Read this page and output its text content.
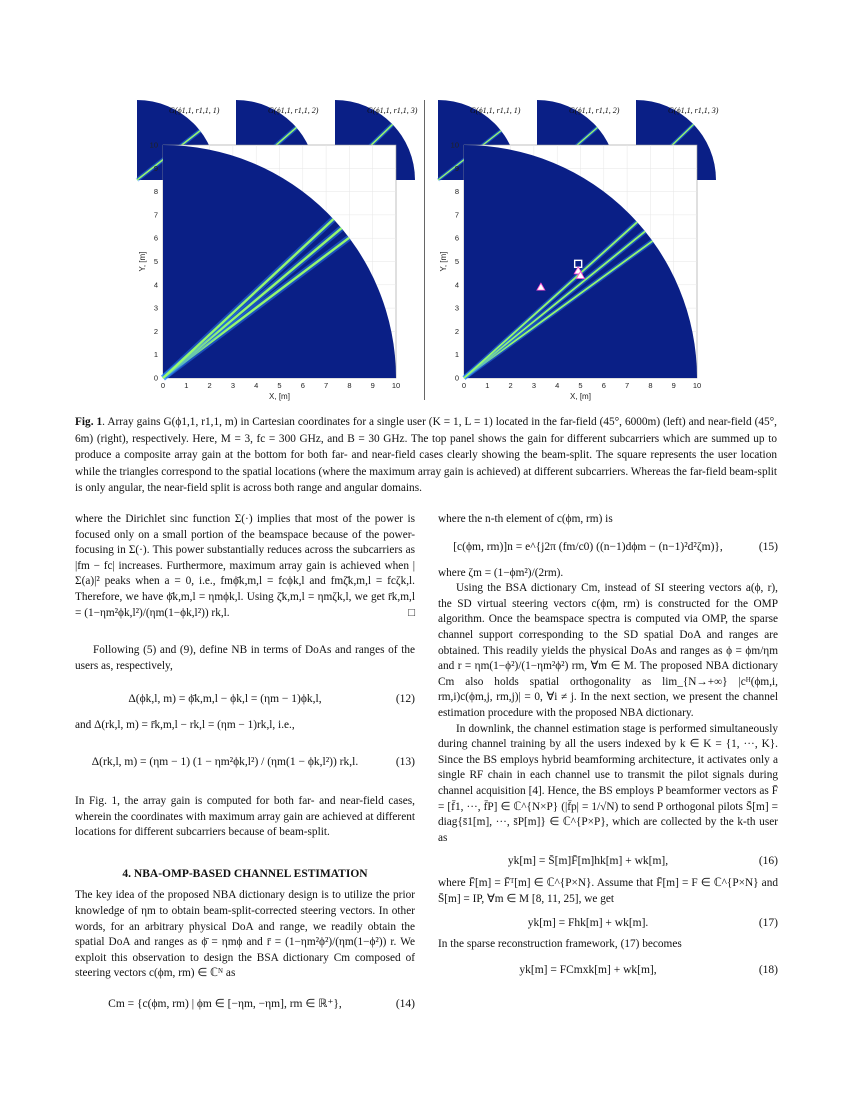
0	1	2	3	4	5	6	7	8	9 10
0
1
2
3
4
5
6
7
8
9
10
X, [m]
Y, [m]
0	1	2	3	4	5	6	7	8	9 10
0
1
2
3
4
5
6
7
8
9
10
X, [m]
Y, [m]
G(ϕ1,1, r1,1, 1)	G(ϕ1,1, r1,1, 2)	G(ϕ1,1, r1,1, 3)	G(ϕ1,1, r1,1, 1)	G(ϕ1,1, r1,1, 2)	G(ϕ1,1, r1,1, 3)
Fig. 1. Array gains G(ϕ1,1, r1,1, m) in Cartesian coordinates for a single user (K = 1, L = 1) located in the far-field (45°, 6000m) (left) and near-field (45°, 6m) (right), respectively. Here, M = 3, fc = 300 GHz, and B = 30 GHz. The top panel shows the gain for different subcarriers which are summed up to produce a composite array gain at the bottom for both far- and near-field cases clearly showing the beam-split. The square represents the user location while the triangles correspond to the spatial locations (where the maximum array gain is achieved) at different subcarriers. Whereas the far-field beam-split is only angular, the near-field split is across both range and angular domains.

where the Dirichlet sinc function Σ(·) implies that most of the power is focused only on a small portion of the beamspace because of the power-focusing in Σ(·). This power substantially reduces across the subcarriers as |fm − fc| increases. Furthermore, maximum array gain is achieved when |Σ(a)|² peaks when a = 0, i.e., fmϕ̄k,m,l = fcϕk,l and fmζ̄k,m,l = fcζk,l. Therefore, we have ϕ̄k,m,l = ηmϕk,l. Using ζ̄k,m,l = ηmζk,l, we get r̄k,m,l = (1−ηm²ϕk,l²)/(ηm(1−ϕk,l²)) rk,l.	□

Following (5) and (9), define NB in terms of DoAs and ranges of the users as, respectively,

Δ(ϕk,l, m) = ϕ̄k,m,l − ϕk,l = (ηm − 1)ϕk,l,	(12)

and Δ(rk,l, m) = r̄k,m,l − rk,l = (ηm − 1)rk,l, i.e.,

Δ(rk,l, m) = (ηm − 1) (1 − ηm²ϕk,l²) / (ηm(1 − ϕk,l²)) rk,l.	(13)

In Fig. 1, the array gain is computed for both far- and near-field cases, wherein the coordinates with maximum array gain are achieved at different locations for different subcarriers because of beam-split.

4. NBA-OMP-BASED CHANNEL ESTIMATION

The key idea of the proposed NBA dictionary design is to utilize the prior knowledge of ηm to obtain beam-split-corrected steering vectors. In other words, for an arbitrary physical DoA and range, we readily obtain the spatial DoA and ranges as ϕ̄ = ηmϕ and r̄ = (1−ηm²ϕ²)/(ηm(1−ϕ²)) r. We exploit this observation to design the BSA dictionary Cm composed of steering vectors c(ϕm, rm) ∈ ℂᴺ as

Cm = {c(ϕm, rm) | ϕm ∈ [−ηm, −ηm], rm ∈ ℝ⁺},	(14)

where the n-th element of c(ϕm, rm) is

[c(ϕm, rm)]n = e^{j2π (fm/c0) ((n−1)dϕm − (n−1)²d²ζm)},	(15)

where ζm = (1−ϕm²)/(2rm).

Using the BSA dictionary Cm, instead of SI steering vectors a(ϕ, r), the SD virtual steering vectors c(ϕm, rm) is constructed for the OMP algorithm. Once the beamspace spectra is computed via OMP, the sparse channel support corresponding to the SD spatial DoA and ranges are obtained. This readily yields the physical DoAs and ranges as ϕ = ϕm/ηm and r = ηm(1−ϕ²)/(1−ηm²ϕ²) rm, ∀m ∈ M. The proposed NBA dictionary Cm also holds spatial orthogonality as lim_{N→+∞} |cᴴ(ϕm,i, rm,i)c(ϕm,j, rm,j)| = 0, ∀i ≠ j. In the next section, we present the channel estimation procedure with the proposed NBA dictionary.

In downlink, the channel estimation stage is performed simultaneously during channel training by all the users indexed by k ∈ K = {1, ···, K}. Since the BS employs hybrid beamforming architecture, it activates only a single RF chain in each channel use to transmit the pilot signals during channel acquisition [4]. Hence, the BS employs P beamformer vectors as F̄ = [f̄1, ···, f̄P] ∈ ℂ^{N×P} (|f̄p| = 1/√N) to send P orthogonal pilots S̄[m] = diag{s̄1[m], ···, s̄P[m]} ∈ ℂ^{P×P}, which are collected by the k-th user as

yk[m] = S̄[m]F̄[m]hk[m] + wk[m],	(16)

where F̄[m] = F̄ᵀ[m] ∈ ℂ^{P×N}. Assume that F̄[m] = F ∈ ℂ^{P×N} and S̄[m] = IP, ∀m ∈ M [8, 11, 25], we get

yk[m] = Fhk[m] + wk[m].	(17)

In the sparse reconstruction framework, (17) becomes

yk[m] = FCmxk[m] + wk[m],	(18)
